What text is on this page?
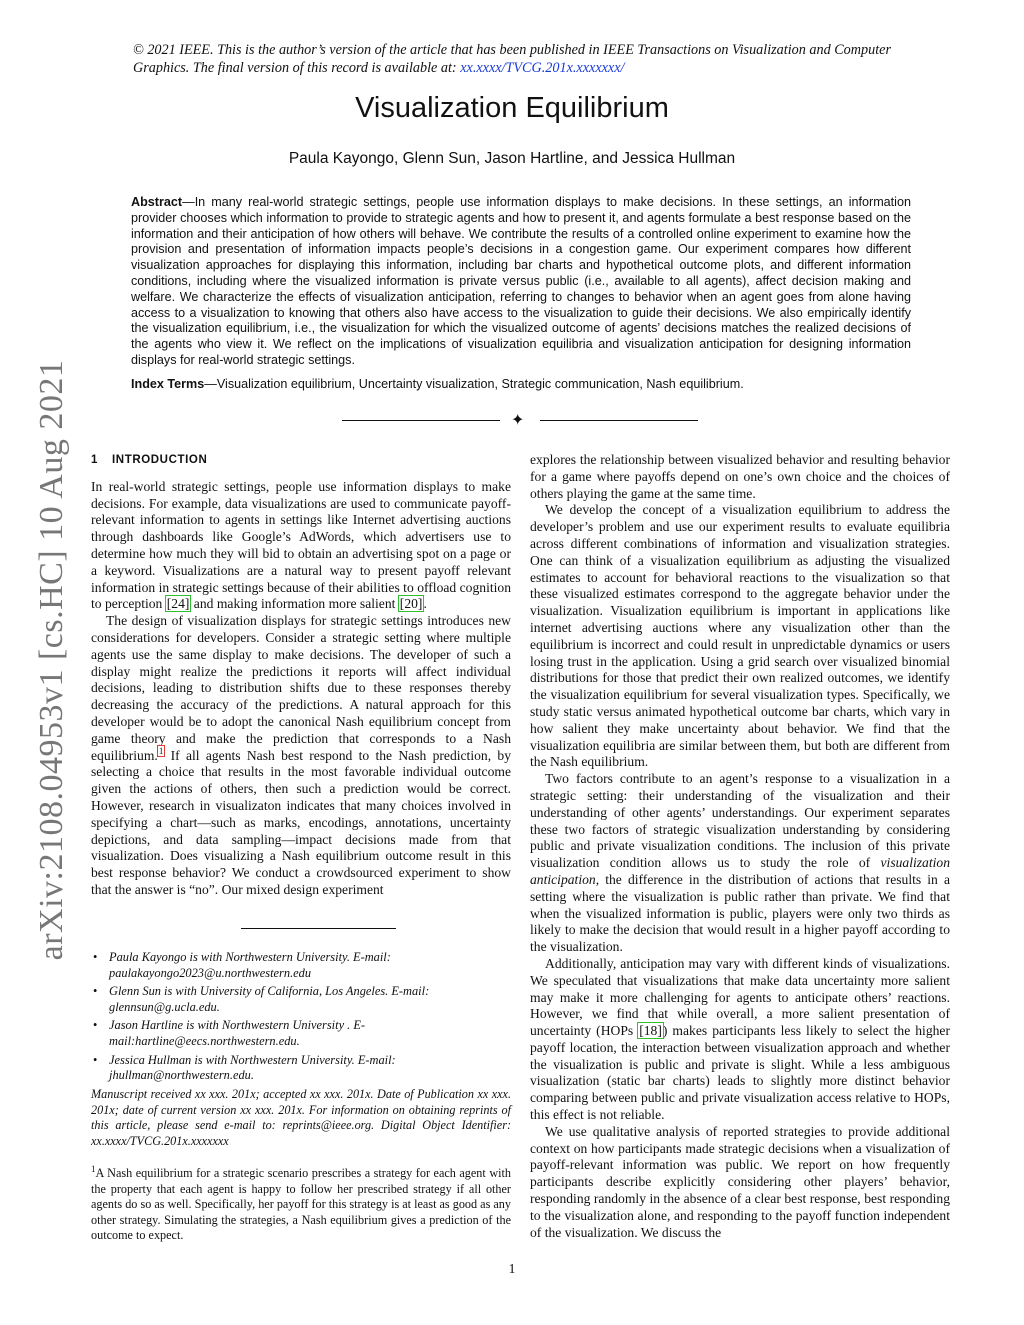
arXiv:2108.04953v1 [cs.HC] 10 Aug 2021
© 2021 IEEE. This is the author’s version of the article that has been published in IEEE Transactions on Visualization and Computer Graphics. The final version of this record is available at: xx.xxxx/TVCG.201x.xxxxxxx/
Visualization Equilibrium
Paula Kayongo, Glenn Sun, Jason Hartline, and Jessica Hullman
Abstract—In many real-world strategic settings, people use information displays to make decisions. In these settings, an information provider chooses which information to provide to strategic agents and how to present it, and agents formulate a best response based on the information and their anticipation of how others will behave. We contribute the results of a controlled online experiment to examine how the provision and presentation of information impacts people’s decisions in a congestion game. Our experiment compares how different visualization approaches for displaying this information, including bar charts and hypothetical outcome plots, and different information conditions, including where the visualized information is private versus public (i.e., available to all agents), affect decision making and welfare. We characterize the effects of visualization anticipation, referring to changes to behavior when an agent goes from alone having access to a visualization to knowing that others also have access to the visualization to guide their decisions. We also empirically identify the visualization equilibrium, i.e., the visualization for which the visualized outcome of agents’ decisions matches the realized decisions of the agents who view it. We reflect on the implications of visualization equilibria and visualization anticipation for designing information displays for real-world strategic settings.
Index Terms—Visualization equilibrium, Uncertainty visualization, Strategic communication, Nash equilibrium.
✦
1 INTRODUCTION

In real-world strategic settings, people use information displays to make decisions. For example, data visualizations are used to communicate payoff-relevant information to agents in settings like Internet advertising auctions through dashboards like Google’s AdWords, which advertisers use to determine how much they will bid to obtain an advertising spot on a page or a keyword. Visualizations are a natural way to present payoff relevant information in strategic settings because of their abilities to offload cognition to perception [24] and making information more salient [20].

The design of visualization displays for strategic settings introduces new considerations for developers. Consider a strategic setting where multiple agents use the same display to make decisions. The developer of such a display might realize the predictions it reports will affect individual decisions, leading to distribution shifts due to these responses thereby decreasing the accuracy of the predictions. A natural approach for this developer would be to adopt the canonical Nash equilibrium concept from game theory and make the prediction that corresponds to a Nash equilibrium.$^1$ If all agents Nash best respond to the Nash prediction, by selecting a choice that results in the most favorable individual outcome given the actions of others, then such a prediction would be correct. However, research in visualizaton indicates that many choices involved in specifying a chart—such as marks, encodings, annotations, uncertainty depictions, and data sampling—impact decisions made from that visualization. Does visualizing a Nash equilibrium outcome result in this best response behavior? We conduct a crowdsourced experiment to show that the answer is “no”. Our mixed design experiment

• Paula Kayongo is with Northwestern University. E-mail: paulakayongo2023@u.northwestern.edu
• Glenn Sun is with University of California, Los Angeles. E-mail: glennsun@g.ucla.edu.
• Jason Hartline is with Northwestern University . E-mail:hartline@eecs.northwestern.edu.
• Jessica Hullman is with Northwestern University. E-mail: jhullman@northwestern.edu.
Manuscript received xx xxx. 201x; accepted xx xxx. 201x. Date of Publication xx xxx. 201x; date of current version xx xxx. 201x. For information on obtaining reprints of this article, please send e-mail to: reprints@ieee.org. Digital Object Identifier: xx.xxxx/TVCG.201x.xxxxxxx
$^1$A Nash equilibrium for a strategic scenario prescribes a strategy for each agent with the property that each agent is happy to follow her prescribed strategy if all other agents do so as well. Specifically, her payoff for this strategy is at least as good as any other strategy. Simulating the strategies, a Nash equilibrium gives a prediction of the outcome to expect.

explores the relationship between visualized behavior and resulting behavior for a game where payoffs depend on one’s own choice and the choices of others playing the game at the same time.

We develop the concept of a visualization equilibrium to address the developer’s problem and use our experiment results to evaluate equilibria across different combinations of information and visualization strategies. One can think of a visualization equilibrium as adjusting the visualized estimates to account for behavioral reactions to the visualization so that these visualized estimates correspond to the aggregate behavior under the visualization. Visualization equilibrium is important in applications like internet advertising auctions where any visualization other than the equilibrium is incorrect and could result in unpredictable dynamics or users losing trust in the application. Using a grid search over visualized binomial distributions for those that predict their own realized outcomes, we identify the visualization equilibrium for several visualization types. Specifically, we study static versus animated hypothetical outcome bar charts, which vary in how salient they make uncertainty about behavior. We find that the visualization equilibria are similar between them, but both are different from the Nash equilibrium.

Two factors contribute to an agent’s response to a visualization in a strategic setting: their understanding of the visualization and their understanding of other agents’ understandings. Our experiment separates these two factors of strategic visualization understanding by considering public and private visualization conditions. The inclusion of this private visualization condition allows us to study the role of visualization anticipation, the difference in the distribution of actions that results in a setting where the visualization is public rather than private. We find that when the visualized information is public, players were only two thirds as likely to make the decision that would result in a higher payoff according to the visualization.

Additionally, anticipation may vary with different kinds of visualizations. We speculated that visualizations that make data uncertainty more salient may make it more challenging for agents to anticipate others’ reactions. However, we find that while overall, a more salient presentation of uncertainty (HOPs [18]) makes participants less likely to select the higher payoff location, the interaction between visualization approach and whether the visualization is public and private is slight. While a less ambiguous visualization (static bar charts) leads to slightly more distinct behavior comparing between public and private visualization access relative to HOPs, this effect is not reliable.

We use qualitative analysis of reported strategies to provide additional context on how participants made strategic decisions when a visualization of payoff-relevant information was public. We report on how frequently participants describe explicitly considering other players’ behavior, responding randomly in the absence of a clear best response, best responding to the visualization alone, and responding to the payoff function independent of the visualization. We discuss the

1
